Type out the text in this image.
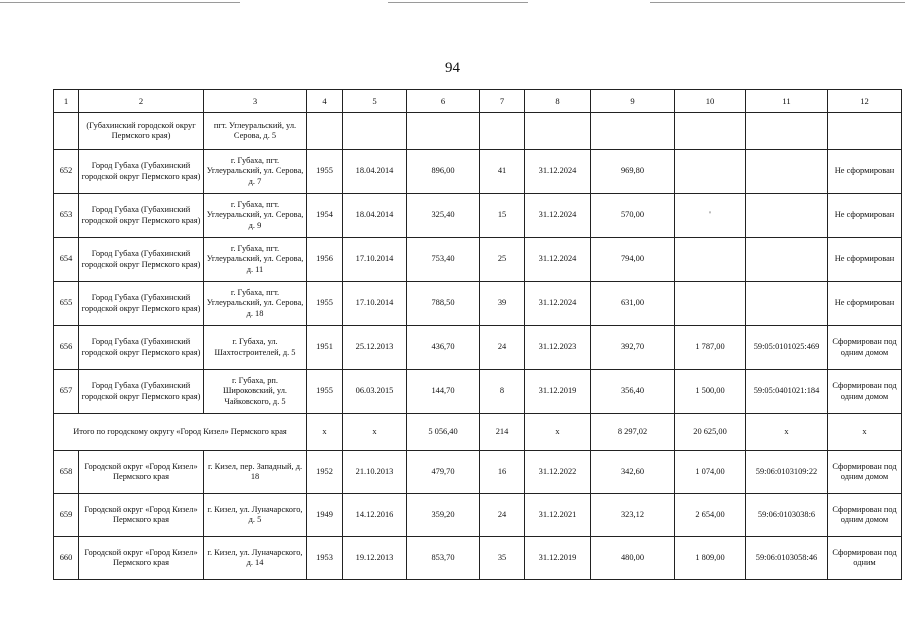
94
1	2	3	4	5	6	7	8	9	10	11	12
	(Губахинский городской округ Пермского края)	пгт. Углеуральский, ул. Серова, д. 5									
652	Город Губаха (Губахинский городской округ Пермского края)	г. Губаха, пгт. Углеуральский, ул. Серова, д. 7	1955	18.04.2014	896,00	41	31.12.2024	969,80			Не сформирован
653	Город Губаха (Губахинский городской округ Пермского края)	г. Губаха, пгт. Углеуральский, ул. Серова, д. 9	1954	18.04.2014	325,40	15	31.12.2024	570,00	'		Не сформирован
654	Город Губаха (Губахинский городской округ Пермского края)	г. Губаха, пгт. Углеуральский, ул. Серова, д. 11	1956	17.10.2014	753,40	25	31.12.2024	794,00			Не сформирован
655	Город Губаха (Губахинский городской округ Пермского края)	г. Губаха, пгт. Углеуральский, ул. Серова, д. 18	1955	17.10.2014	788,50	39	31.12.2024	631,00			Не сформирован
656	Город Губаха (Губахинский городской округ Пермского края)	г. Губаха, ул. Шахтостроителей, д. 5	1951	25.12.2013	436,70	24	31.12.2023	392,70	1 787,00	59:05:0101025:469	Сформирован под одним домом
657	Город Губаха (Губахинский городской округ Пермского края)	г. Губаха, рп. Широковский, ул. Чайковского, д. 5	1955	06.03.2015	144,70	8	31.12.2019	356,40	1 500,00	59:05:0401021:184	Сформирован под одним домом
Итого по городскому округу «Город Кизел» Пермского края			х	х	5 056,40	214	х	8 297,02	20 625,00	х	х
658	Городской округ «Город Кизел» Пермского края	г. Кизел, пер. Западный, д. 18	1952	21.10.2013	479,70	16	31.12.2022	342,60	1 074,00	59:06:0103109:22	Сформирован под одним домом
659	Городской округ «Город Кизел» Пермского края	г. Кизел, ул. Луначарского, д. 5	1949	14.12.2016	359,20	24	31.12.2021	323,12	2 654,00	59:06:0103038:6	Сформирован под одним домом
660	Городской округ «Город Кизел» Пермского края	г. Кизел, ул. Луначарского, д. 14	1953	19.12.2013	853,70	35	31.12.2019	480,00	1 809,00	59:06:0103058:46	Сформирован под одним
